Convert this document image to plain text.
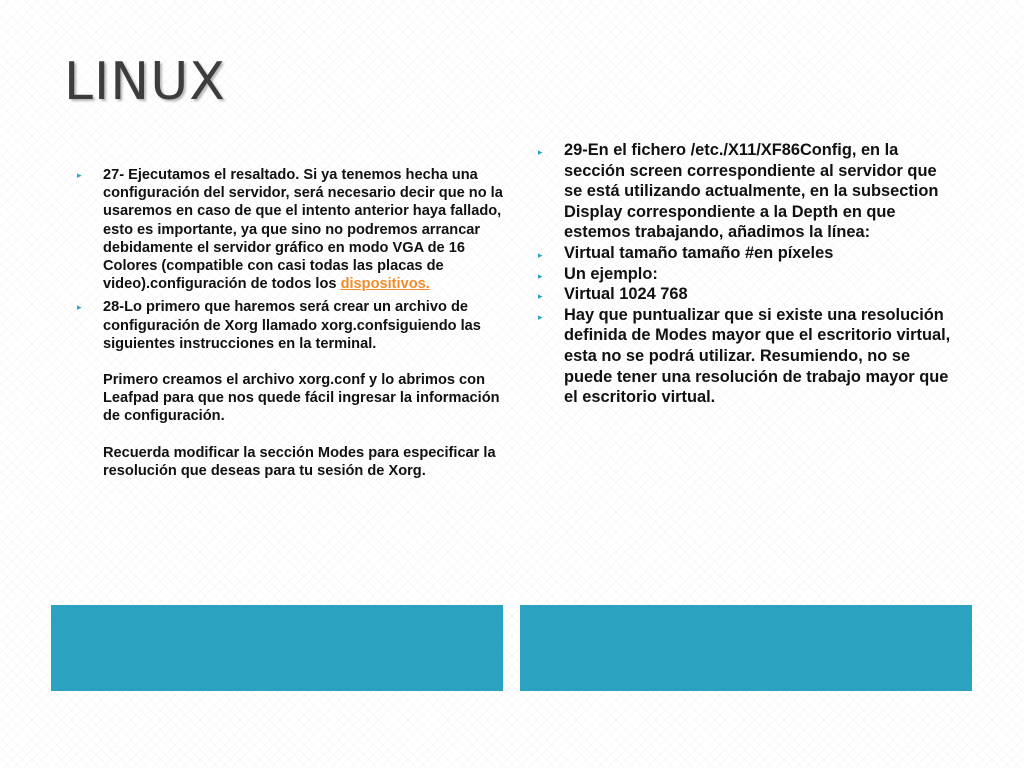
LINUX
▸ 27- Ejecutamos el resaltado. Si ya tenemos hecha una configuración del servidor, será necesario decir que no la usaremos en caso de que el intento anterior haya fallado, esto es importante, ya que sino no podremos arrancar debidamente el servidor gráfico en modo VGA de 16 Colores (compatible con casi todas las placas de video).configuración de todos los dispositivos.
▸ 28-Lo primero que haremos será crear un archivo de configuración de Xorg llamado xorg.confsiguiendo las siguientes instrucciones en la terminal.
Primero creamos el archivo xorg.conf y lo abrimos con Leafpad para que nos quede fácil ingresar la información de configuración.
Recuerda modificar la sección Modes para especificar la resolución que deseas para tu sesión de Xorg.
▸ 29-En el fichero /etc./X11/XF86Config, en la sección screen correspondiente al servidor que se está utilizando actualmente, en la subsection Display correspondiente a la Depth en que estemos trabajando, añadimos la línea:
▸ Virtual tamaño tamaño #en píxeles
▸ Un ejemplo:
▸ Virtual 1024 768
▸ Hay que puntualizar que si existe una resolución definida de Modes mayor que el escritorio virtual, esta no se podrá utilizar. Resumiendo, no se puede tener una resolución de trabajo mayor que el escritorio virtual.
